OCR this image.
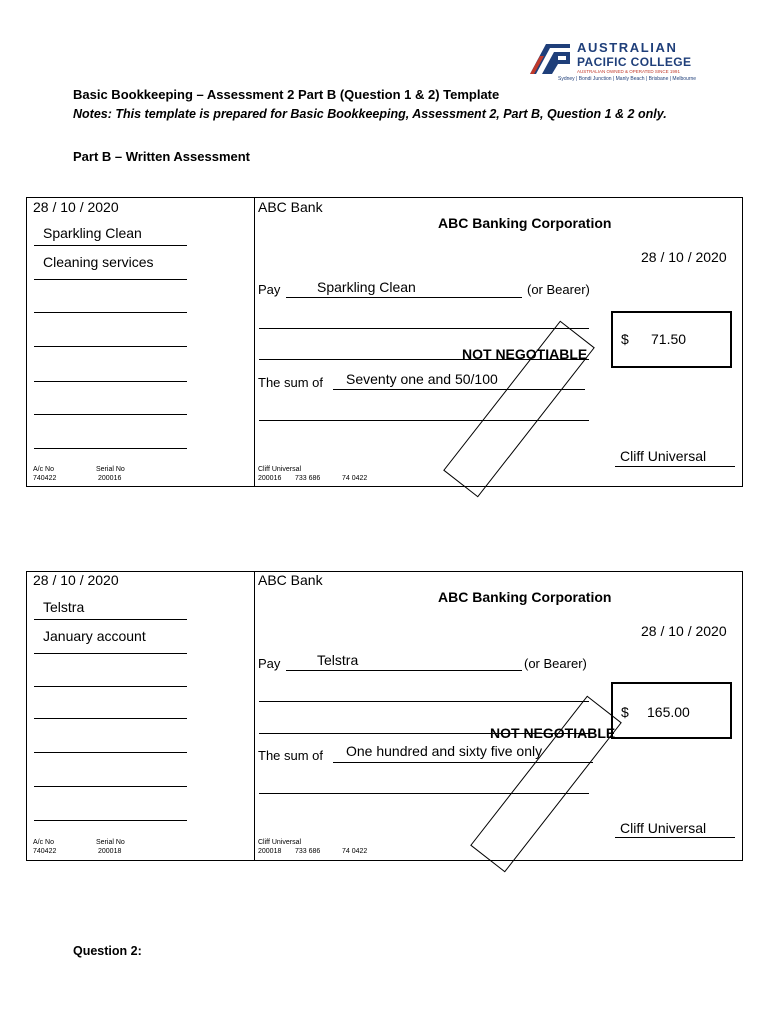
AUSTRALIAN
PACIFIC COLLEGE
AUSTRALIAN OWNED & OPERATED SINCE 1991
Sydney | Bondi Junction | Manly Beach | Brisbane | Melbourne
Basic Bookkeeping – Assessment 2 Part B (Question 1 & 2) Template
Notes: This template is prepared for Basic Bookkeeping, Assessment 2, Part B, Question 1 & 2 only.
Part B – Written Assessment
28 / 10 / 2020
Sparkling Clean
Cleaning services
A/c No
740422
Serial No
200016
ABC Bank
ABC Banking Corporation
28 / 10 / 2020
Pay	Sparkling Clean	(or Bearer)
$ 71.50
NOT NEGOTIABLE
The sum of Seventy one and 50/100
Cliff Universal
Cliff Universal
200016 733 686	74 0422
28 / 10 / 2020
Telstra
January account
A/c No
740422
Serial No
200018
ABC Bank
ABC Banking Corporation
28 / 10 / 2020
Pay	Telstra	(or Bearer)
$ 165.00
NOT NEGOTIABLE
The sum of One hundred and sixty five only
Cliff Universal
Cliff Universal
200018 733 686	74 0422
Question 2:
